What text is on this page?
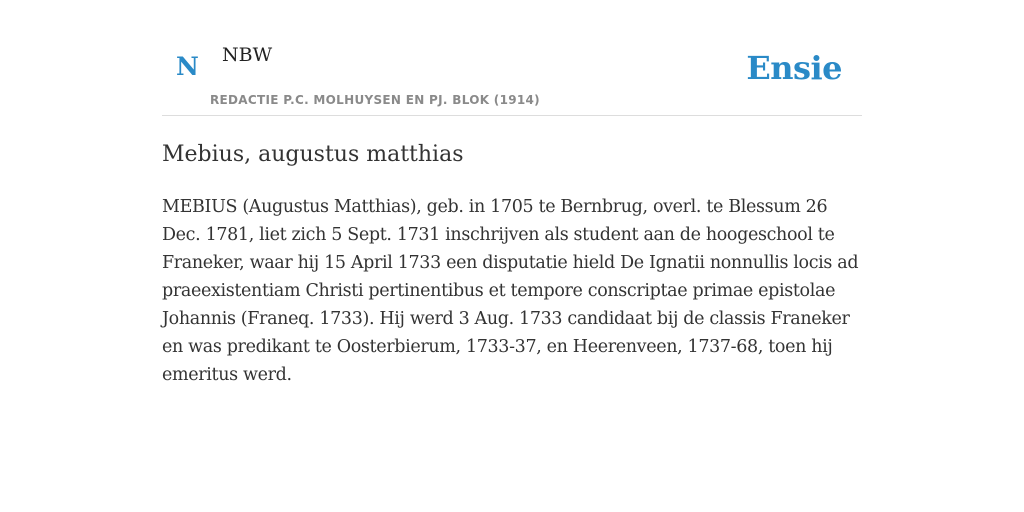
N NBW
REDACTIE P.C. MOLHUYSEN EN PJ. BLOK (1914)
Ensie
Mebius, augustus matthias

MEBIUS (Augustus Matthias), geb. in 1705 te Bernbrug, overl. te Blessum 26 Dec. 1781, liet zich 5 Sept. 1731 inschrijven als student aan de hoogeschool te Franeker, waar hij 15 April 1733 een disputatie hield De Ignatii nonnullis locis ad praeexistentiam Christi pertinentibus et tempore conscriptae primae epistolae Johannis (Franeq. 1733). Hij werd 3 Aug. 1733 candidaat bij de classis Franeker en was predikant te Oosterbierum, 1733-37, en Heerenveen, 1737-68, toen hij emeritus werd.
